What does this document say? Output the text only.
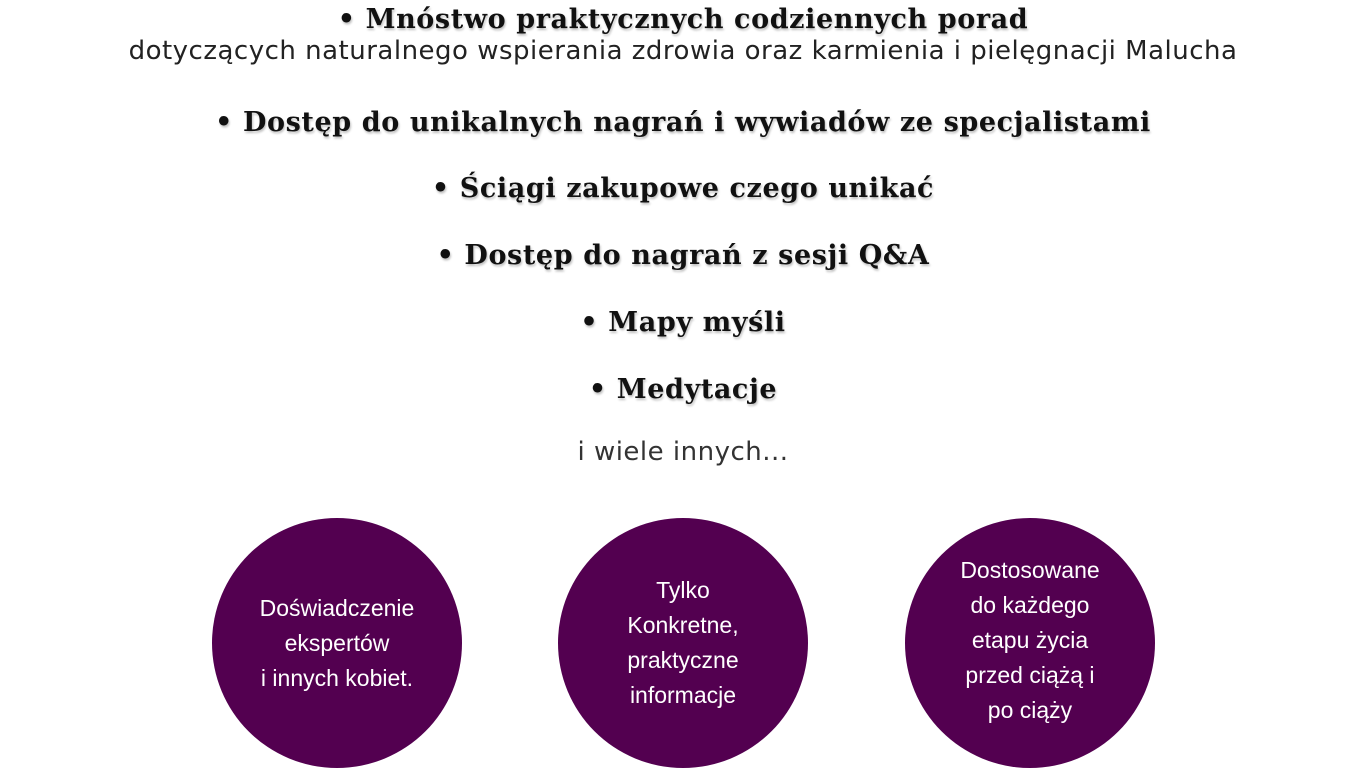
• Mnóstwo praktycznych codziennych porad
dotyczących naturalnego wspierania zdrowia oraz karmienia i pielęgnacji Malucha
• Dostęp do unikalnych nagrań i wywiadów ze specjalistami
• Ściągi zakupowe czego unikać
• Dostęp do nagrań z sesji Q&A
• Mapy myśli
• Medytacje
i wiele innych...
Doświadczenie
ekspertów
i innych kobiet.
Tylko
Konkretne,
praktyczne
informacje
Dostosowane
do każdego
etapu życia
przed ciążą i
po ciąży
